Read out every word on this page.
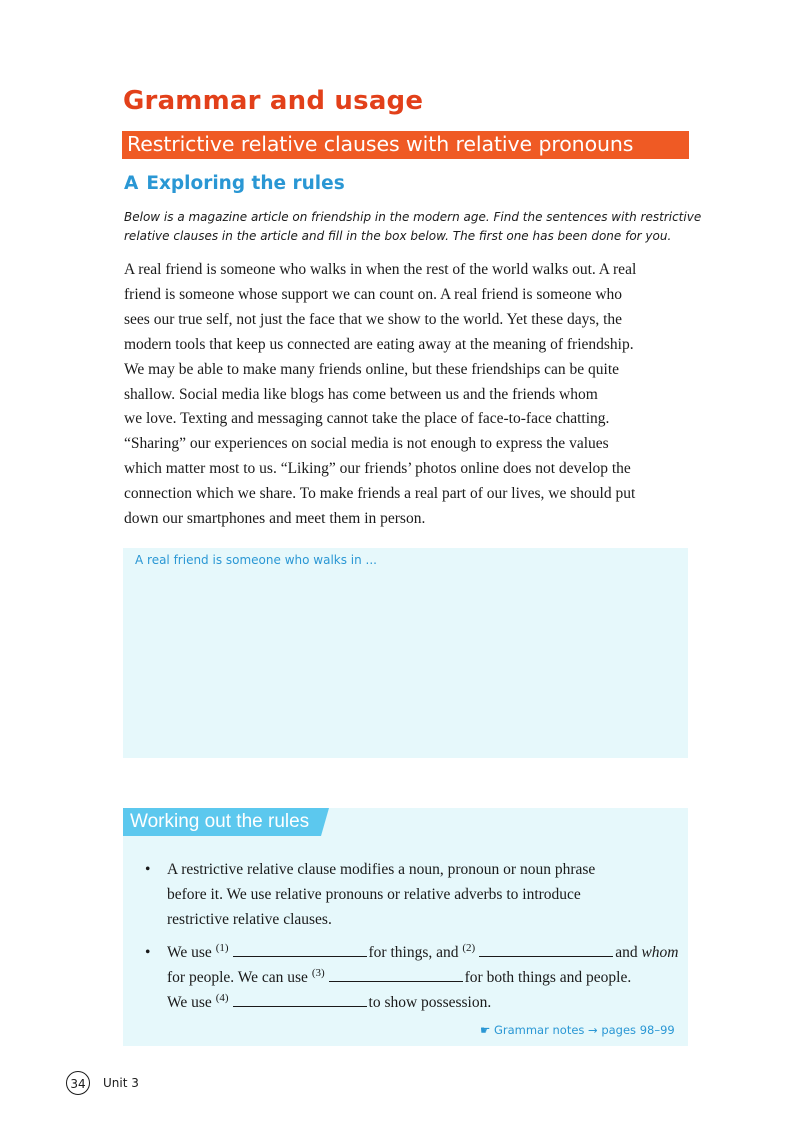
Grammar and usage
Restrictive relative clauses with relative pronouns
A Exploring the rules
Below is a magazine article on friendship in the modern age. Find the sentences with restrictive
relative clauses in the article and fill in the box below. The first one has been done for you.
A real friend is someone who walks in when the rest of the world walks out. A real
friend is someone whose support we can count on. A real friend is someone who
sees our true self, not just the face that we show to the world. Yet these days, the
modern tools that keep us connected are eating away at the meaning of friendship.
We may be able to make many friends online, but these friendships can be quite
shallow. Social media like blogs has come between us and the friends whom
we love. Texting and messaging cannot take the place of face-to-face chatting.
“Sharing” our experiences on social media is not enough to express the values
which matter most to us. “Liking” our friends’ photos online does not develop the
connection which we share. To make friends a real part of our lives, we should put
down our smartphones and meet them in person.
A real friend is someone who walks in ...
Working out the rules
• A restrictive relative clause modifies a noun, pronoun or noun phrase
before it. We use relative pronouns or relative adverbs to introduce
restrictive relative clauses.
• We use $^{(1)}$	for things, and $^{(2)}$	and whom
for people. We can use $^{(3)}$	for both things and people.
We use $^{(4)}$	to show possession.
☛ Grammar notes → pages 98–99
34	Unit 3
